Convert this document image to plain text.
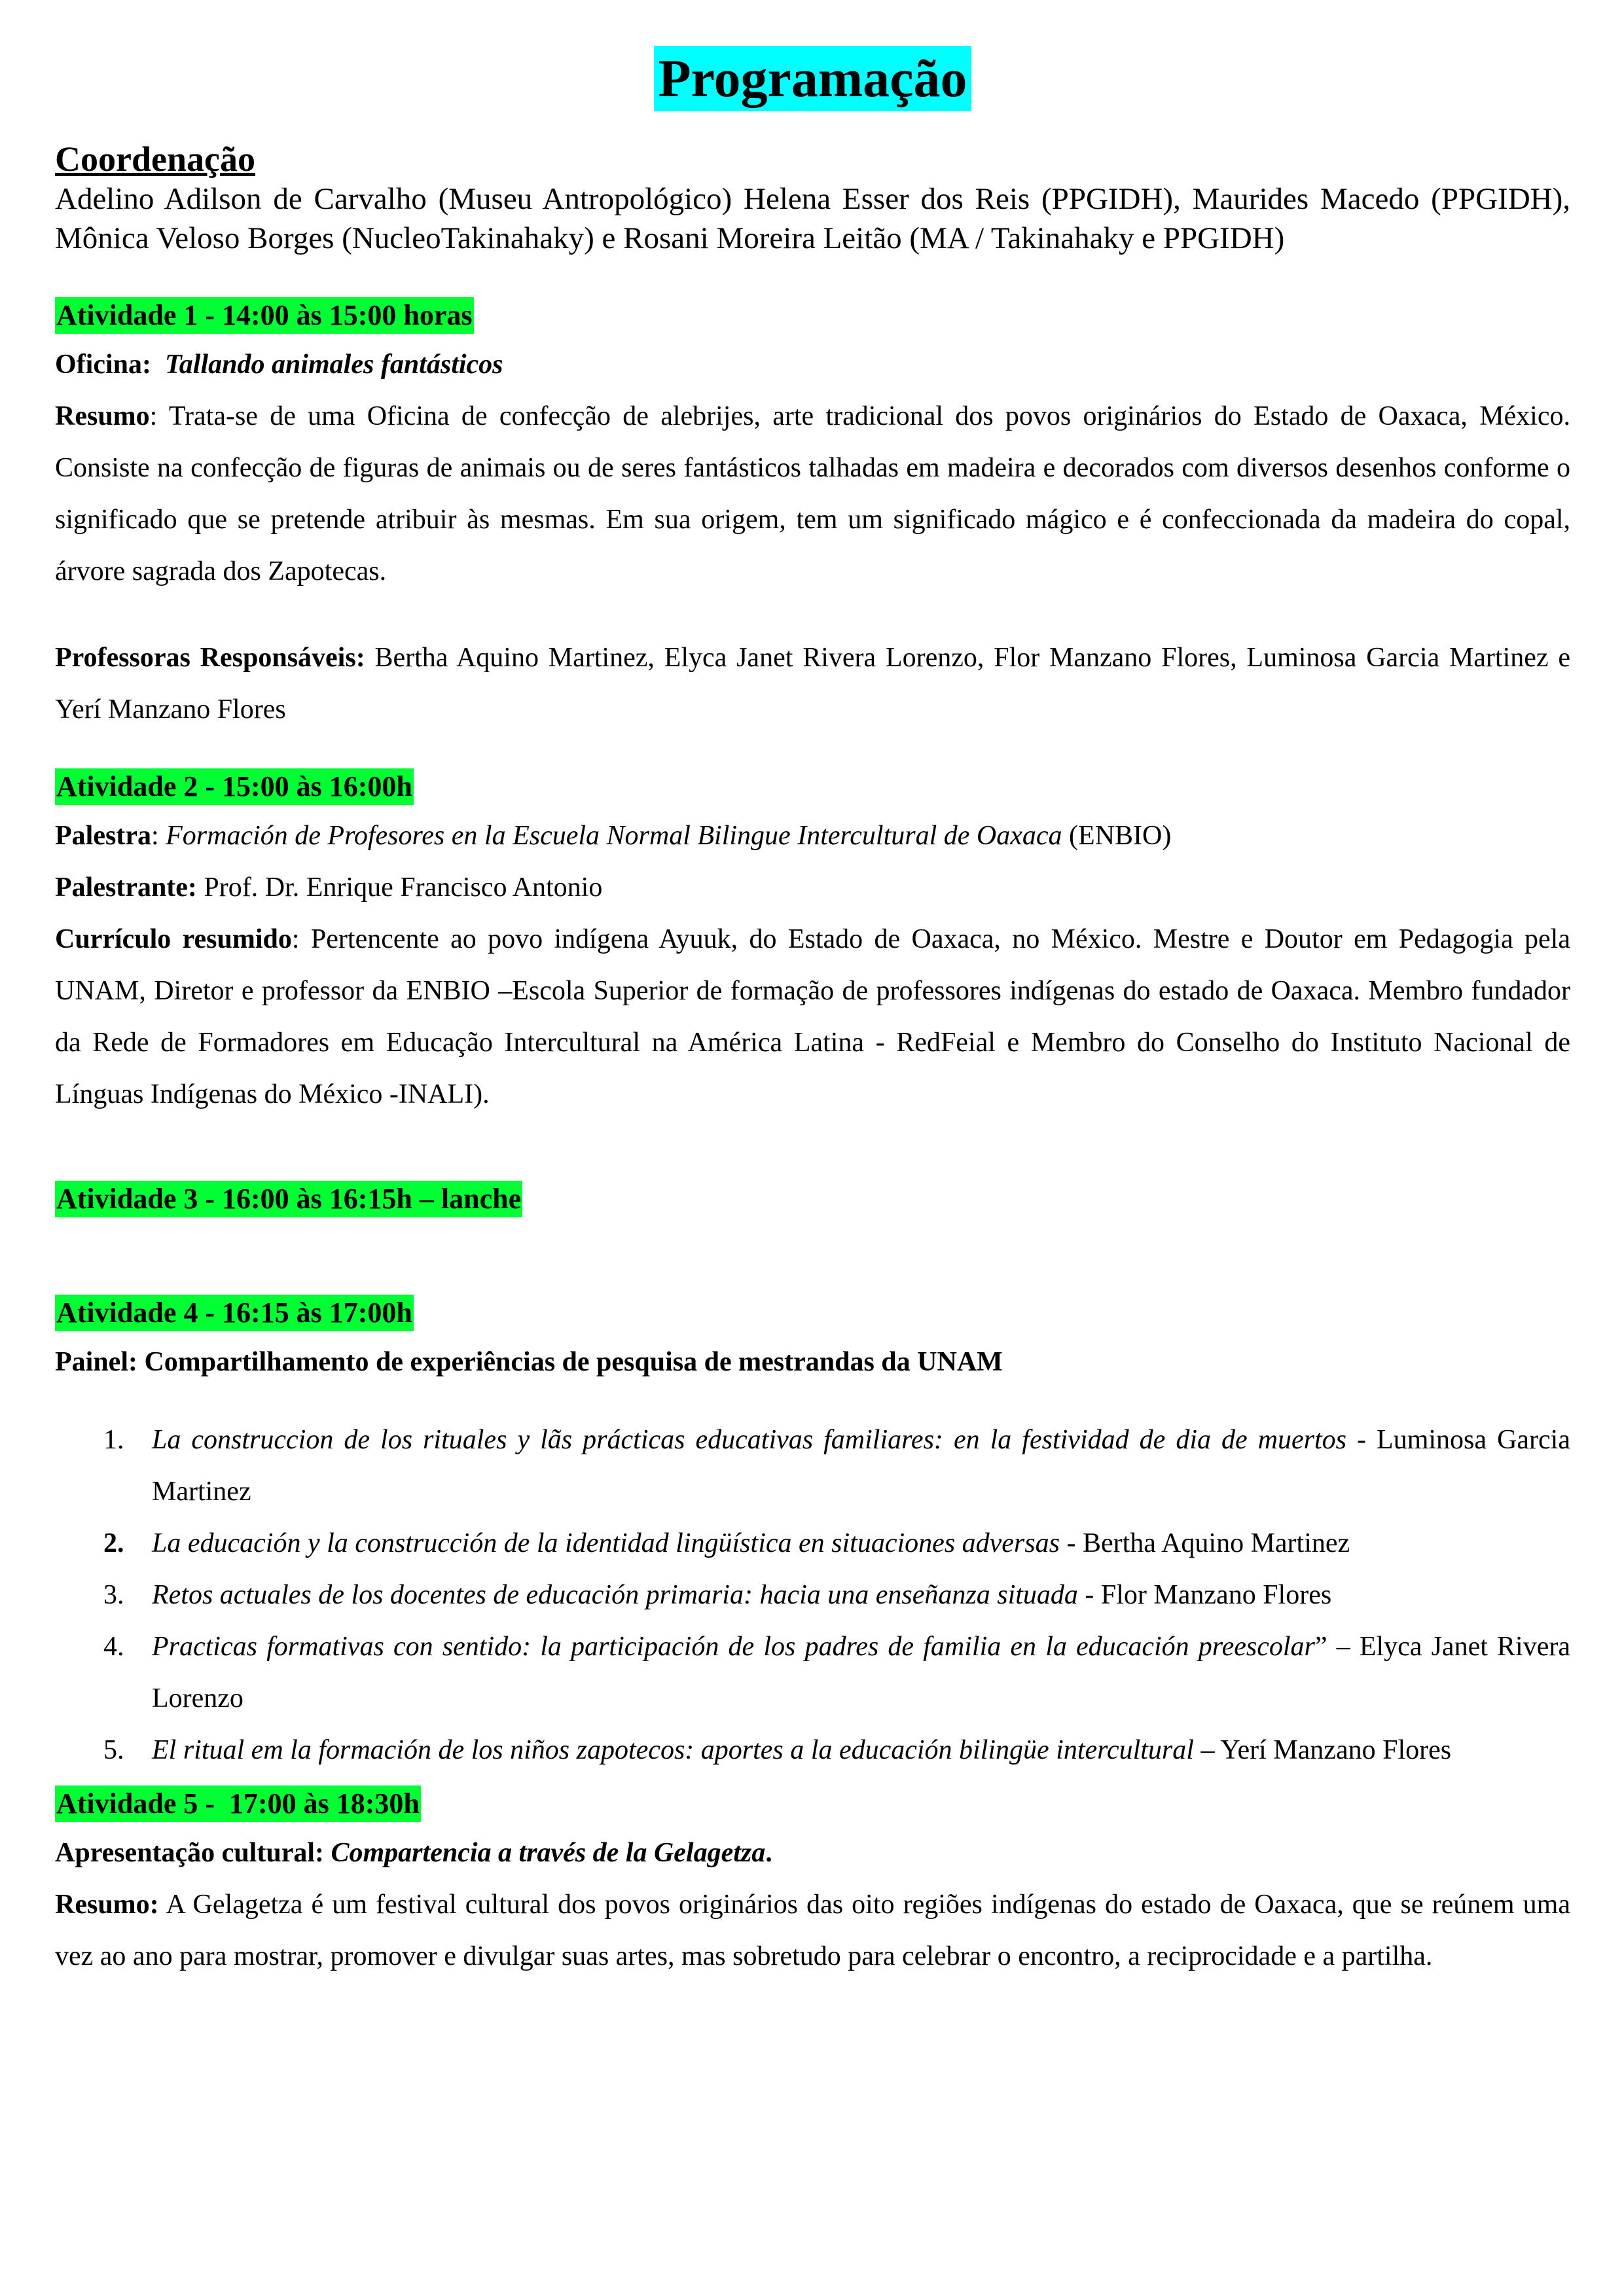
Programação
Coordenação

Adelino Adilson de Carvalho (Museu Antropológico) Helena Esser dos Reis (PPGIDH), Maurides Macedo (PPGIDH), Mônica Veloso Borges (NucleoTakinahaky) e Rosani Moreira Leitão (MA / Takinahaky e PPGIDH)

Atividade 1 - 14:00 às 15:00 horas

Oficina: Tallando animales fantásticos

Resumo: Trata-se de uma Oficina de confecção de alebrijes, arte tradicional dos povos originários do Estado de Oaxaca, México. Consiste na confecção de figuras de animais ou de seres fantásticos talhadas em madeira e decorados com diversos desenhos conforme o significado que se pretende atribuir às mesmas. Em sua origem, tem um significado mágico e é confeccionada da madeira do copal, árvore sagrada dos Zapotecas.

Professoras Responsáveis: Bertha Aquino Martinez, Elyca Janet Rivera Lorenzo, Flor Manzano Flores, Luminosa Garcia Martinez e Yerí Manzano Flores

Atividade 2 - 15:00 às 16:00h

Palestra: Formación de Profesores en la Escuela Normal Bilingue Intercultural de Oaxaca (ENBIO)

Palestrante: Prof. Dr. Enrique Francisco Antonio

Currículo resumido: Pertencente ao povo indígena Ayuuk, do Estado de Oaxaca, no México. Mestre e Doutor em Pedagogia pela UNAM, Diretor e professor da ENBIO –Escola Superior de formação de professores indígenas do estado de Oaxaca. Membro fundador da Rede de Formadores em Educação Intercultural na América Latina - RedFeial e Membro do Conselho do Instituto Nacional de Línguas Indígenas do México -INALI).

Atividade 3 - 16:00 às 16:15h – lanche
Atividade 4 - 16:15 às 17:00h

Painel: Compartilhamento de experiências de pesquisa de mestrandas da UNAM

1. La construccion de los rituales y lãs prácticas educativas familiares: en la festividad de dia de muertos - Luminosa Garcia Martinez
2. La educación y la construcción de la identidad lingüística en situaciones adversas - Bertha Aquino Martinez
3. Retos actuales de los docentes de educación primaria: hacia una enseñanza situada - Flor Manzano Flores
4. Practicas formativas con sentido: la participación de los padres de familia en la educación preescolar” – Elyca Janet Rivera Lorenzo
5. El ritual em la formación de los niños zapotecos: aportes a la educación bilingüe intercultural – Yerí Manzano Flores
Atividade 5 -  17:00 às 18:30h

Apresentação cultural: Compartencia a través de la Gelagetza.

Resumo: A Gelagetza é um festival cultural dos povos originários das oito regiões indígenas do estado de Oaxaca, que se reúnem uma vez ao ano para mostrar, promover e divulgar suas artes, mas sobretudo para celebrar o encontro, a reciprocidade e a partilha.
